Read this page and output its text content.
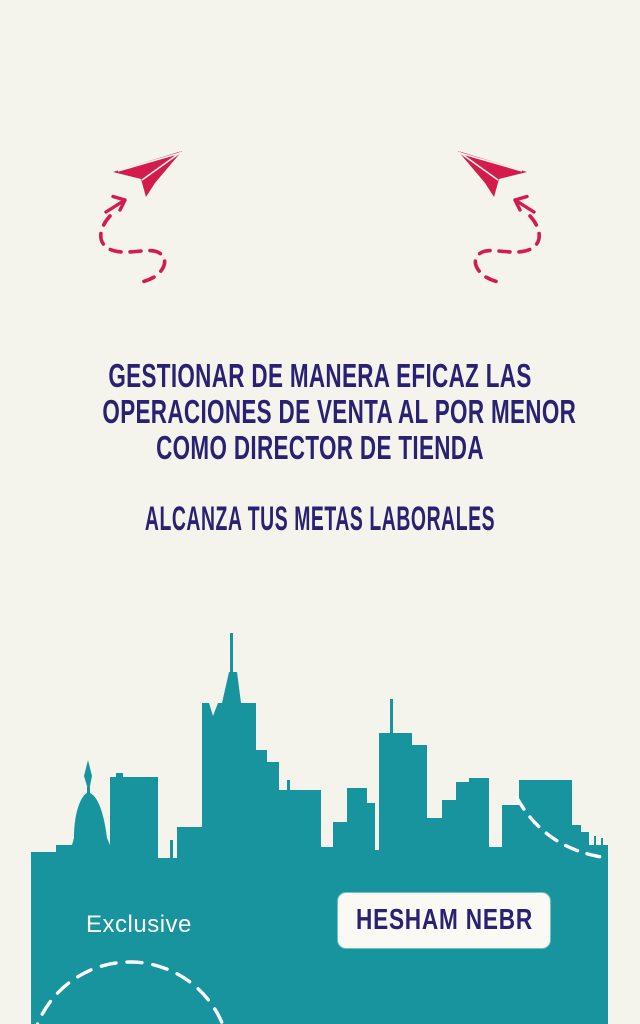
GESTIONAR DE MANERA EFICAZ LAS
OPERACIONES DE VENTA AL POR MENOR
COMO DIRECTOR DE TIENDA
ALCANZA TUS METAS LABORALES
Exclusive	HESHAM NEBR
